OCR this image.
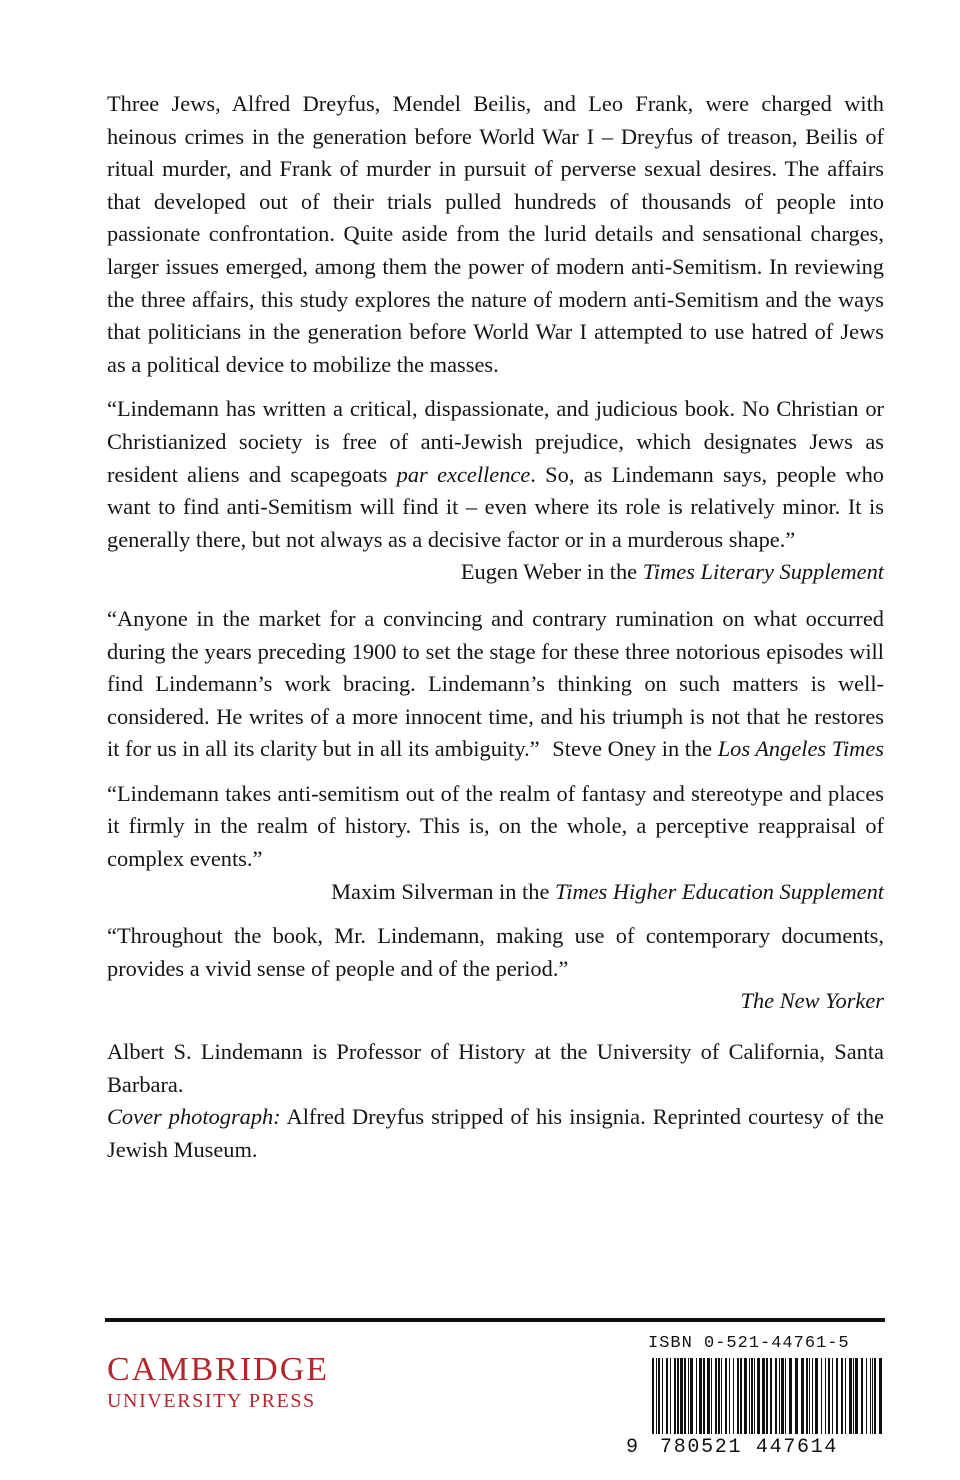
Three Jews, Alfred Dreyfus, Mendel Beilis, and Leo Frank, were charged with heinous crimes in the generation before World War I – Dreyfus of treason, Beilis of ritual murder, and Frank of murder in pursuit of perverse sexual desires. The affairs that developed out of their trials pulled hundreds of thousands of people into passionate confrontation. Quite aside from the lurid details and sensational charges, larger issues emerged, among them the power of modern anti-Semitism. In reviewing the three affairs, this study explores the nature of modern anti-Semitism and the ways that politicians in the generation before World War I attempted to use hatred of Jews as a political device to mobilize the masses.

“Lindemann has written a critical, dispassionate, and judicious book. No Christian or Christianized society is free of anti-Jewish prejudice, which designates Jews as resident aliens and scapegoats par excellence. So, as Lindemann says, people who want to find anti-Semitism will find it – even where its role is relatively minor. It is generally there, but not always as a decisive factor or in a murderous shape.”

Eugen Weber in the Times Literary Supplement

“Anyone in the market for a convincing and contrary rumination on what occurred during the years preceding 1900 to set the stage for these three notorious episodes will find Lindemann’s work bracing. Lindemann’s thinking on such matters is well-considered. He writes of a more innocent time, and his triumph is not that he restores it for us in all its clarity but in all its ambiguity.” Steve Oney in the Los Angeles Times

“Lindemann takes anti-semitism out of the realm of fantasy and stereotype and places it firmly in the realm of history. This is, on the whole, a perceptive reappraisal of complex events.”

Maxim Silverman in the Times Higher Education Supplement

“Throughout the book, Mr. Lindemann, making use of contemporary documents, provides a vivid sense of people and of the period.”

The New Yorker

Albert S. Lindemann is Professor of History at the University of California, Santa Barbara.

Cover photograph: Alfred Dreyfus stripped of his insignia. Reprinted courtesy of the Jewish Museum.

CAMBRIDGE
UNIVERSITY PRESS
ISBN 0-521-44761-5
9 780521 447614
